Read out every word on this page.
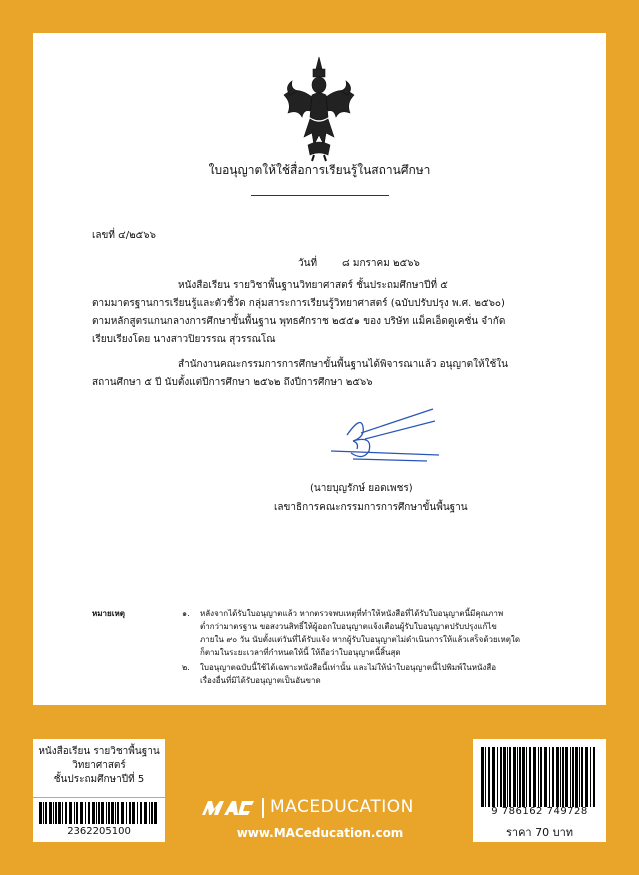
ใบอนุญาตให้ใช้สื่อการเรียนรู้ในสถานศึกษา
เลขที่ ๔/๒๕๖๖
วันที่ ๘ มกราคม ๒๕๖๖
หนังสือเรียน รายวิชาพื้นฐานวิทยาศาสตร์ ชั้นประถมศึกษาปีที่ ๕
ตามมาตรฐานการเรียนรู้และตัวชี้วัด กลุ่มสาระการเรียนรู้วิทยาศาสตร์ (ฉบับปรับปรุง พ.ศ. ๒๕๖๐)
ตามหลักสูตรแกนกลางการศึกษาขั้นพื้นฐาน พุทธศักราช ๒๕๕๑ ของ บริษัท แม็คเอ็ดดูเคชั่น จำกัด
เรียบเรียงโดย นางสาวปิยวรรณ สุวรรณโณ
สำนักงานคณะกรรมการการศึกษาขั้นพื้นฐานได้พิจารณาแล้ว อนุญาตให้ใช้ใน
สถานศึกษา ๕ ปี นับตั้งแต่ปีการศึกษา ๒๕๖๒ ถึงปีการศึกษา ๒๕๖๖
(นายบุญรักษ์ ยอดเพชร)
เลขาธิการคณะกรรมการการศึกษาขั้นพื้นฐาน
หมายเหตุ	๑. หลังจากได้รับใบอนุญาตแล้ว หากตรวจพบเหตุที่ทำให้หนังสือที่ได้รับใบอนุญาตนี้มีคุณภาพ
ต่ำกว่ามาตรฐาน ขอสงวนสิทธิ์ให้ผู้ออกใบอนุญาตแจ้งเตือนผู้รับใบอนุญาตปรับปรุงแก้ไข
ภายใน ๙๐ วัน นับตั้งแต่วันที่ได้รับแจ้ง หากผู้รับใบอนุญาตไม่ดำเนินการให้แล้วเสร็จด้วยเหตุใด
ก็ตามในระยะเวลาที่กำหนดให้นี้ ให้ถือว่าใบอนุญาตนี้สิ้นสุด
๒. ใบอนุญาตฉบับนี้ใช้ได้เฉพาะหนังสือนี้เท่านั้น และไม่ให้นำใบอนุญาตนี้ไปพิมพ์ในหนังสือ
เรื่องอื่นที่มิได้รับอนุญาตเป็นอันขาด
หนังสือเรียน รายวิชาพื้นฐาน
วิทยาศาสตร์
ชั้นประถมศึกษาปีที่ 5
2362205100
MACEDUCATION
www.MACeducation.com
9 786162 749728
ราคา 70 บาท
